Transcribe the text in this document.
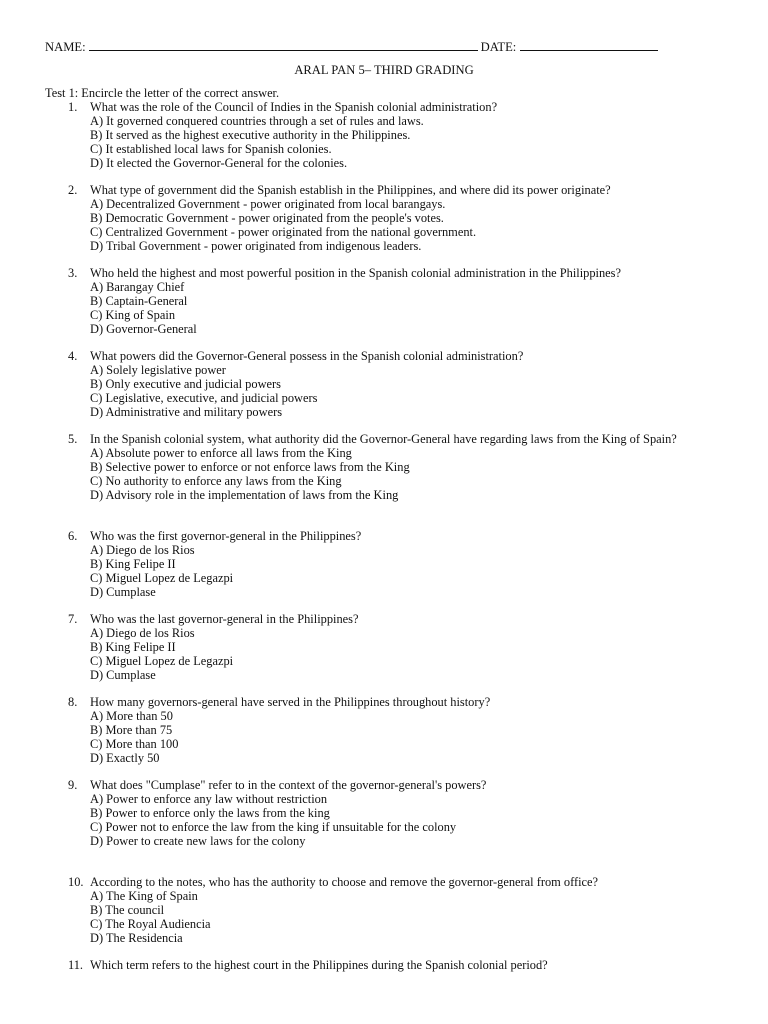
NAME:	DATE:
ARAL PAN 5– THIRD GRADING
Test 1: Encircle the letter of the correct answer.
1. What was the role of the Council of Indies in the Spanish colonial administration?
A) It governed conquered countries through a set of rules and laws.
B) It served as the highest executive authority in the Philippines.
C) It established local laws for Spanish colonies.
D) It elected the Governor-General for the colonies.
2. What type of government did the Spanish establish in the Philippines, and where did its power originate?
A) Decentralized Government - power originated from local barangays.
B) Democratic Government - power originated from the people's votes.
C) Centralized Government - power originated from the national government.
D) Tribal Government - power originated from indigenous leaders.
3. Who held the highest and most powerful position in the Spanish colonial administration in the Philippines?
A) Barangay Chief
B) Captain-General
C) King of Spain
D) Governor-General
4. What powers did the Governor-General possess in the Spanish colonial administration?
A) Solely legislative power
B) Only executive and judicial powers
C) Legislative, executive, and judicial powers
D) Administrative and military powers
5. In the Spanish colonial system, what authority did the Governor-General have regarding laws from the King of Spain?
A) Absolute power to enforce all laws from the King
B) Selective power to enforce or not enforce laws from the King
C) No authority to enforce any laws from the King
D) Advisory role in the implementation of laws from the King
6. Who was the first governor-general in the Philippines?
A) Diego de los Rios
B) King Felipe II
C) Miguel Lopez de Legazpi
D) Cumplase
7. Who was the last governor-general in the Philippines?
A) Diego de los Rios
B) King Felipe II
C) Miguel Lopez de Legazpi
D) Cumplase
8. How many governors-general have served in the Philippines throughout history?
A) More than 50
B) More than 75
C) More than 100
D) Exactly 50
9. What does "Cumplase" refer to in the context of the governor-general's powers?
A) Power to enforce any law without restriction
B) Power to enforce only the laws from the king
C) Power not to enforce the law from the king if unsuitable for the colony
D) Power to create new laws for the colony
10. According to the notes, who has the authority to choose and remove the governor-general from office?
A) The King of Spain
B) The council
C) The Royal Audiencia
D) The Residencia
11. Which term refers to the highest court in the Philippines during the Spanish colonial period?
